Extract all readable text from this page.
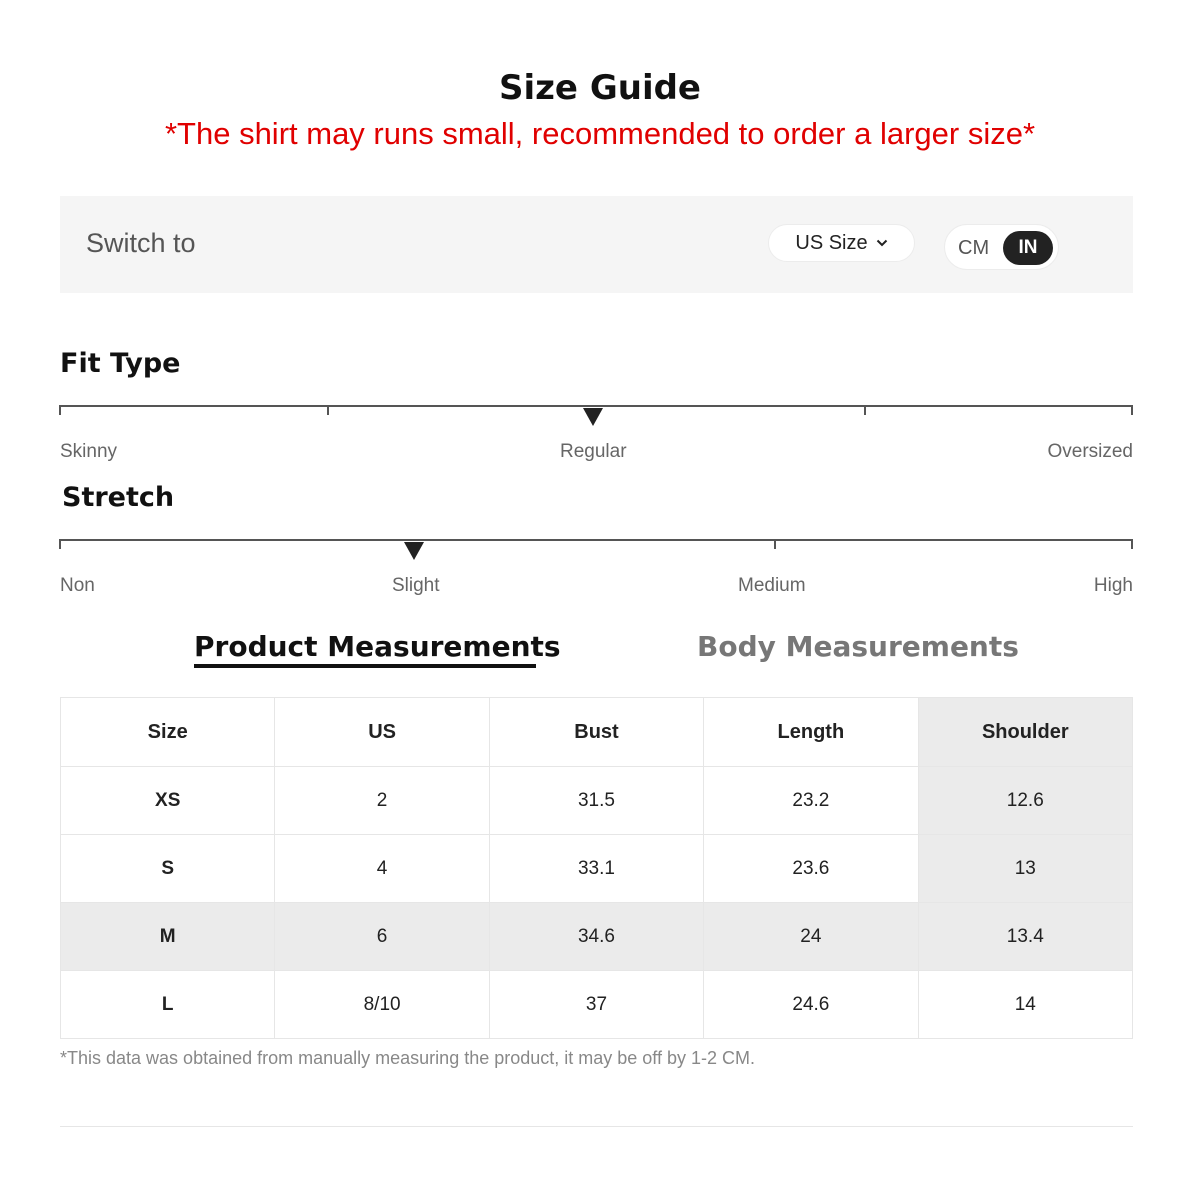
Size Guide
*The shirt may runs small, recommended to order a larger size*
Switch to	US Size	CM	IN
Fit Type
Skinny	Regular	Oversized
Stretch
Non	Slight	Medium	High
Product Measurements	Body Measurements
Size	US	Bust	Length	Shoulder
XS	2	31.5	23.2	12.6
S	4	33.1	23.6	13
M	6	34.6	24	13.4
L	8/10	37	24.6	14
*This data was obtained from manually measuring the product, it may be off by 1-2 CM.
